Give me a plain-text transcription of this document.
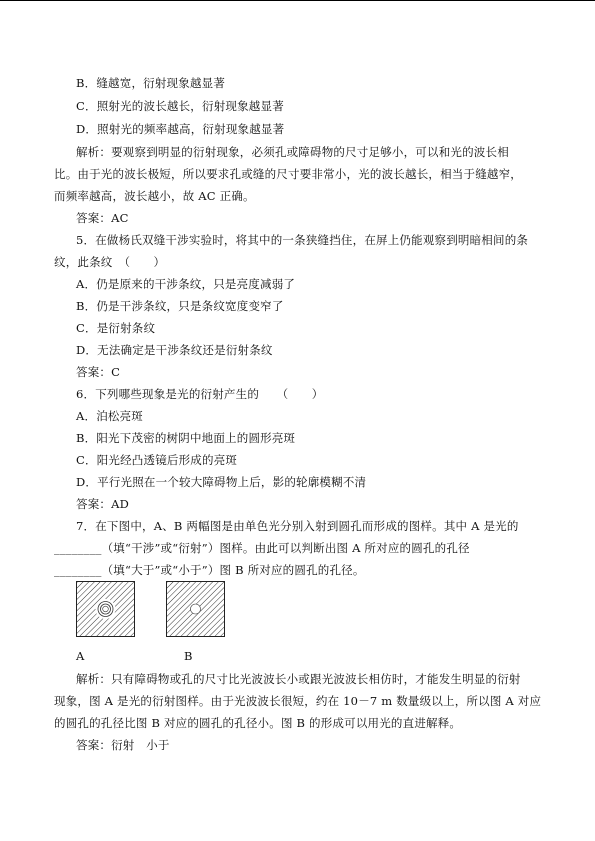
B．缝越宽，衍射现象越显著
C．照射光的波长越长，衍射现象越显著
D．照射光的频率越高，衍射现象越显著
解析：要观察到明显的衍射现象，必须孔或障碍物的尺寸足够小，可以和光的波长相
比。由于光的波长极短，所以要求孔或缝的尺寸要非常小，光的波长越长，相当于缝越窄，
而频率越高，波长越小，故 AC 正确。
答案：AC
5．在做杨氏双缝干涉实验时，将其中的一条狭缝挡住，在屏上仍能观察到明暗相间的条
纹，此条纹　（　　）
A．仍是原来的干涉条纹，只是亮度减弱了
B．仍是干涉条纹，只是条纹宽度变窄了
C．是衍射条纹
D．无法确定是干涉条纹还是衍射条纹
答案：C
6．下列哪些现象是光的衍射产生的　　（　　）
A．泊松亮斑
B．阳光下茂密的树阴中地面上的圆形亮斑
C．阳光经凸透镜后形成的亮斑
D．平行光照在一个较大障碍物上后，影的轮廓模糊不清
答案：AD
7．在下图中，A、B 两幅图是由单色光分别入射到圆孔而形成的图样。其中 A 是光的
________（填“干涉”或“衍射”）图样。由此可以判断出图 A 所对应的圆孔的孔径
________（填“大于”或“小于”）图 B 所对应的圆孔的孔径。
A	B
解析：只有障碍物或孔的尺寸比光波波长小或跟光波波长相仿时，才能发生明显的衍射
现象，图 A 是光的衍射图样。由于光波波长很短，约在 10－7 m 数量级以上，所以图 A 对应
的圆孔的孔径比图 B 对应的圆孔的孔径小。图 B 的形成可以用光的直进解释。
答案：衍射　小于
